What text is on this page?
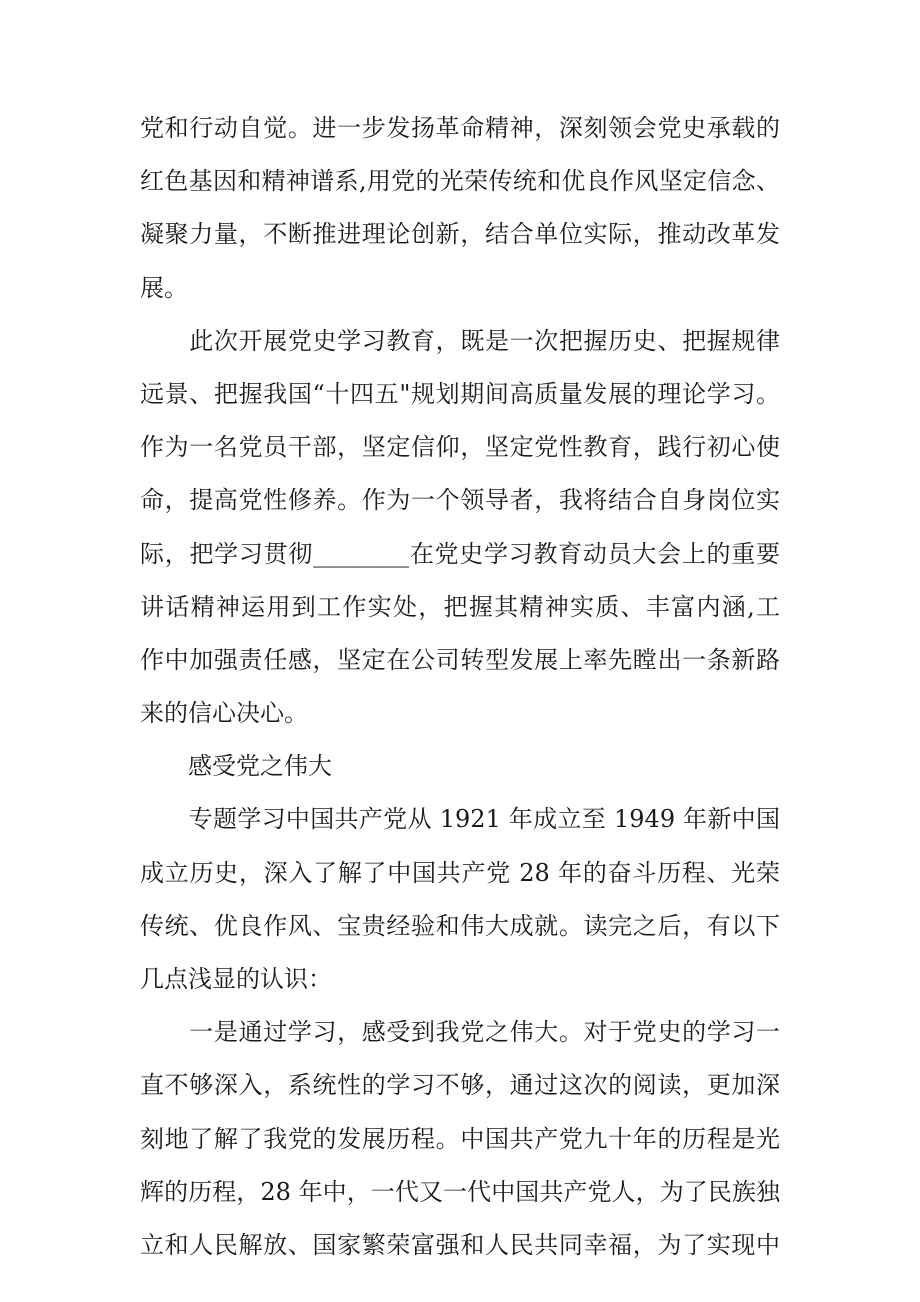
党和行动自觉。进一步发扬革命精神，深刻领会党史承载的
红色基因和精神谱系,用党的光荣传统和优良作风坚定信念、
凝聚力量，不断推进理论创新，结合单位实际，推动改革发
展。
　　此次开展党史学习教育，既是一次把握历史、把握规律
远景、把握我国“十四五"规划期间高质量发展的理论学习。
作为一名党员干部，坚定信仰，坚定党性教育，践行初心使
命，提高党性修养。作为一个领导者，我将结合自身岗位实
际，把学习贯彻________在党史学习教育动员大会上的重要
讲话精神运用到工作实处，把握其精神实质、丰富内涵,工
作中加强责任感，坚定在公司转型发展上率先瞠出一条新路
来的信心决心。
　　感受党之伟大
　　专题学习中国共产党从 1921 年成立至 1949 年新中国
成立历史，深入了解了中国共产党 28 年的奋斗历程、光荣
传统、优良作风、宝贵经验和伟大成就。读完之后，有以下
几点浅显的认识：
　　一是通过学习，感受到我党之伟大。对于党史的学习一
直不够深入，系统性的学习不够，通过这次的阅读，更加深
刻地了解了我党的发展历程。中国共产党九十年的历程是光
辉的历程，28 年中，一代又一代中国共产党人，为了民族独
立和人民解放、国家繁荣富强和人民共同幸福，为了实现中
